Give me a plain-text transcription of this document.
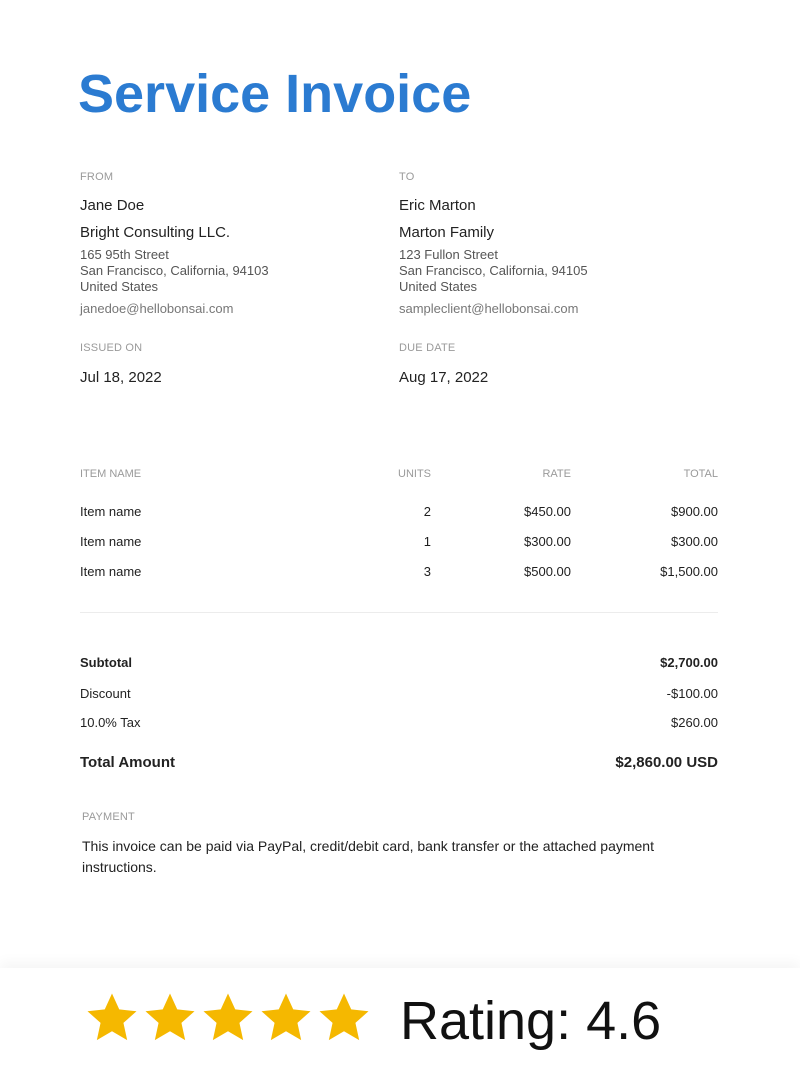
Service Invoice
FROM
Jane Doe
Bright Consulting LLC.
165 95th Street
San Francisco, California, 94103
United States
janedoe@hellobonsai.com
TO
Eric Marton
Marton Family
123 Fullon Street
San Francisco, California, 94105
United States
sampleclient@hellobonsai.com
ISSUED ON
Jul 18, 2022
DUE DATE
Aug 17, 2022
ITEM NAME	UNITS	RATE	TOTAL
Item name	2	$450.00	$900.00
Item name	1	$300.00	$300.00
Item name	3	$500.00	$1,500.00
Subtotal	$2,700.00
Discount	-$100.00
10.0% Tax	$260.00
Total Amount	$2,860.00 USD
PAYMENT
This invoice can be paid via PayPal, credit/debit card, bank transfer or the attached payment instructions.
Rating: 4.6
